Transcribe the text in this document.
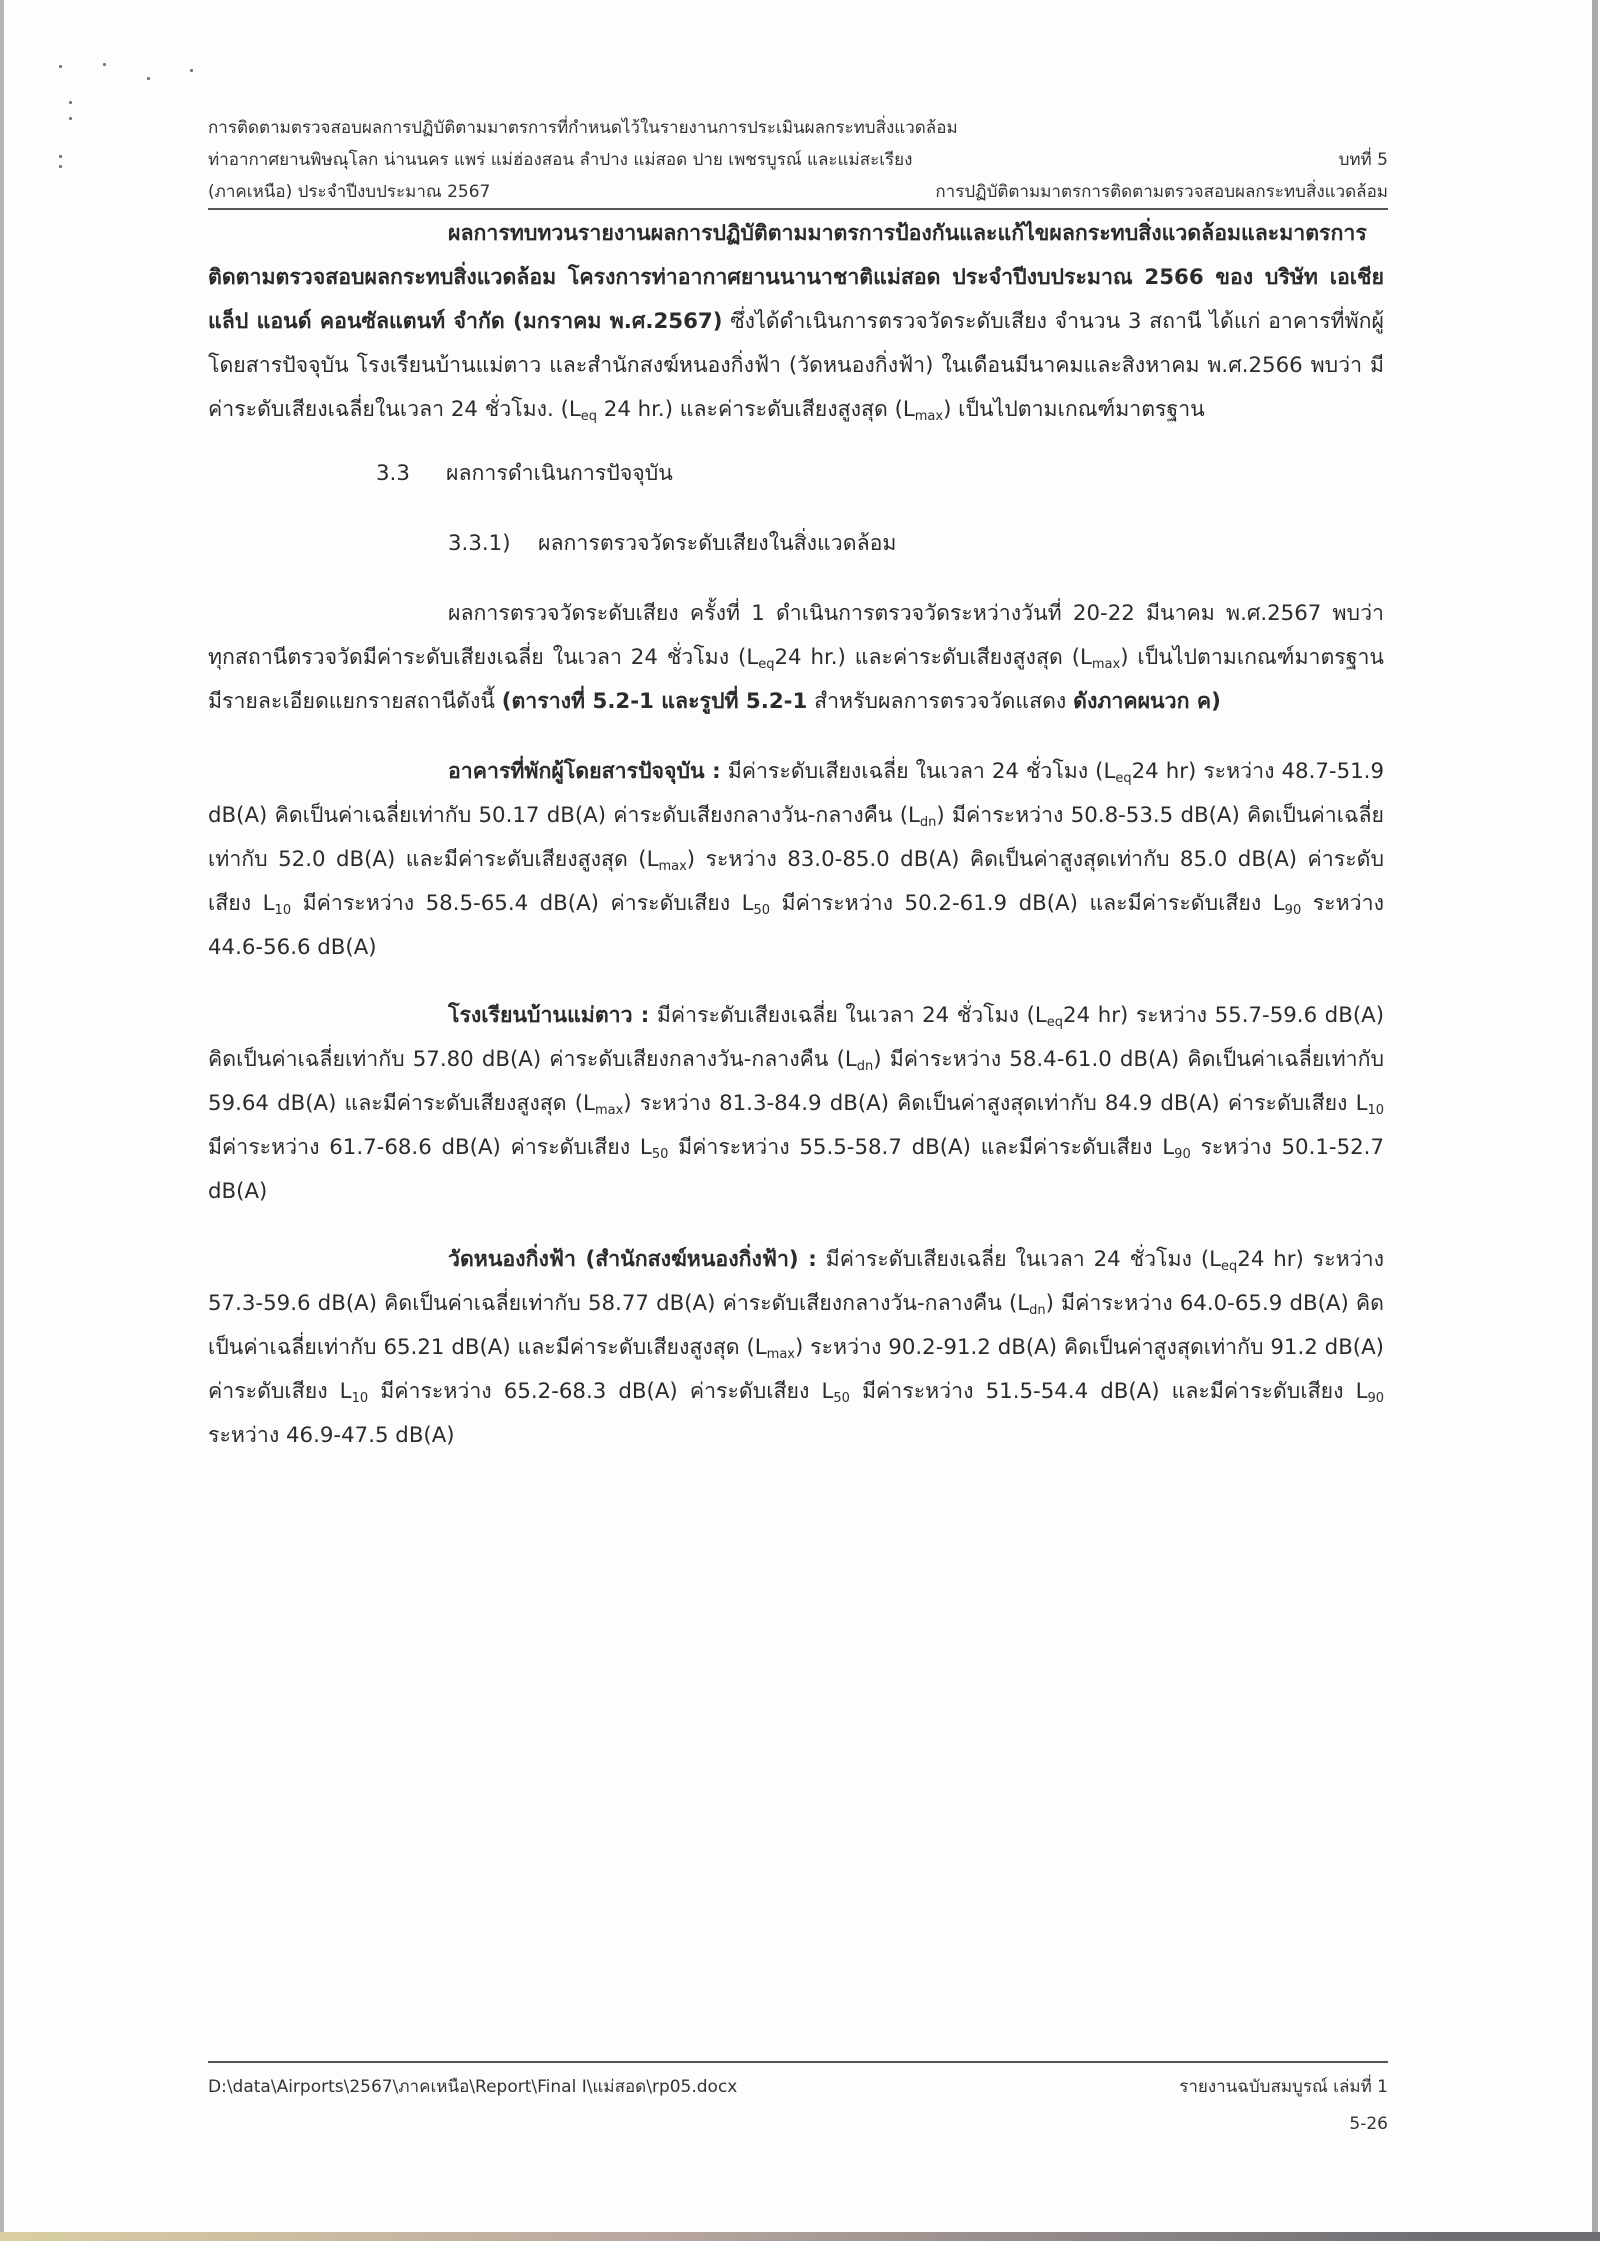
การติดตามตรวจสอบผลการปฏิบัติตามมาตรการที่กำหนดไว้ในรายงานการประเมินผลกระทบสิ่งแวดล้อม
ท่าอากาศยานพิษณุโลก น่านนคร แพร่ แม่ฮ่องสอน ลำปาง แม่สอด ปาย เพชรบูรณ์ และแม่สะเรียง	บทที่ 5
(ภาคเหนือ) ประจำปีงบประมาณ 2567	การปฏิบัติตามมาตรการติดตามตรวจสอบผลกระทบสิ่งแวดล้อม

ผลการทบทวนรายงานผลการปฏิบัติตามมาตรการป้องกันและแก้ไขผลกระทบสิ่งแวดล้อมและมาตรการติดตามตรวจสอบผลกระทบสิ่งแวดล้อม โครงการท่าอากาศยานนานาชาติแม่สอด ประจำปีงบประมาณ 2566 ของ บริษัท เอเชีย แล็ป แอนด์ คอนซัลแตนท์ จำกัด (มกราคม พ.ศ.2567) ซึ่งได้ดำเนินการตรวจวัดระดับเสียง จำนวน 3 สถานี ได้แก่ อาคารที่พักผู้โดยสารปัจจุบัน โรงเรียนบ้านแม่ตาว และสำนักสงฆ์หนองกิ่งฟ้า (วัดหนองกิ่งฟ้า) ในเดือนมีนาคมและสิงหาคม พ.ศ.2566 พบว่า มีค่าระดับเสียงเฉลี่ยในเวลา 24 ชั่วโมง. ($L_{eq}$ 24 hr.) และค่าระดับเสียงสูงสุด $(L_{max})$ เป็นไปตามเกณฑ์มาตรฐาน

3.3 ผลการดำเนินการปัจจุบัน
3.3.1) ผลการตรวจวัดระดับเสียงในสิ่งแวดล้อม

ผลการตรวจวัดระดับเสียง ครั้งที่ 1 ดำเนินการตรวจวัดระหว่างวันที่ 20-22 มีนาคม พ.ศ.2567 พบว่า ทุกสถานีตรวจวัดมีค่าระดับเสียงเฉลี่ย ในเวลา 24 ชั่วโมง ($L_{eq}24$ hr.) และค่าระดับเสียงสูงสุด $(L_{max})$ เป็นไปตามเกณฑ์มาตรฐาน มีรายละเอียดแยกรายสถานีดังนี้ (ตารางที่ 5.2-1 และรูปที่ 5.2-1 สำหรับผลการตรวจวัดแสดง ดังภาคผนวก ค)

อาคารที่พักผู้โดยสารปัจจุบัน : มีค่าระดับเสียงเฉลี่ย ในเวลา 24 ชั่วโมง ($L_{eq}24$ hr) ระหว่าง 48.7-51.9 dB(A) คิดเป็นค่าเฉลี่ยเท่ากับ 50.17 dB(A) ค่าระดับเสียงกลางวัน-กลางคืน $(L_{dn})$ มีค่าระหว่าง 50.8-53.5 dB(A) คิดเป็นค่าเฉลี่ยเท่ากับ 52.0 dB(A) และมีค่าระดับเสียงสูงสุด $(L_{max})$ ระหว่าง 83.0-85.0 dB(A) คิดเป็นค่าสูงสุดเท่ากับ 85.0 dB(A) ค่าระดับเสียง $L_{10}$ มีค่าระหว่าง 58.5-65.4 dB(A) ค่าระดับเสียง $L_{50}$ มีค่าระหว่าง 50.2-61.9 dB(A) และมีค่าระดับเสียง $L_{90}$ ระหว่าง 44.6-56.6 dB(A)

โรงเรียนบ้านแม่ตาว : มีค่าระดับเสียงเฉลี่ย ในเวลา 24 ชั่วโมง ($L_{eq}24$ hr) ระหว่าง 55.7-59.6 dB(A) คิดเป็นค่าเฉลี่ยเท่ากับ 57.80 dB(A) ค่าระดับเสียงกลางวัน-กลางคืน $(L_{dn})$ มีค่าระหว่าง 58.4-61.0 dB(A) คิดเป็นค่าเฉลี่ยเท่ากับ 59.64 dB(A) และมีค่าระดับเสียงสูงสุด $(L_{max})$ ระหว่าง 81.3-84.9 dB(A) คิดเป็นค่าสูงสุดเท่ากับ 84.9 dB(A) ค่าระดับเสียง $L_{10}$ มีค่าระหว่าง 61.7-68.6 dB(A) ค่าระดับเสียง $L_{50}$ มีค่าระหว่าง 55.5-58.7 dB(A) และมีค่าระดับเสียง $L_{90}$ ระหว่าง 50.1-52.7 dB(A)

วัดหนองกิ่งฟ้า (สำนักสงฆ์หนองกิ่งฟ้า) : มีค่าระดับเสียงเฉลี่ย ในเวลา 24 ชั่วโมง ($L_{eq}24$ hr) ระหว่าง 57.3-59.6 dB(A) คิดเป็นค่าเฉลี่ยเท่ากับ 58.77 dB(A) ค่าระดับเสียงกลางวัน-กลางคืน $(L_{dn})$ มีค่าระหว่าง 64.0-65.9 dB(A) คิดเป็นค่าเฉลี่ยเท่ากับ 65.21 dB(A) และมีค่าระดับเสียงสูงสุด $(L_{max})$ ระหว่าง 90.2-91.2 dB(A) คิดเป็นค่าสูงสุดเท่ากับ 91.2 dB(A) ค่าระดับเสียง $L_{10}$ มีค่าระหว่าง 65.2-68.3 dB(A) ค่าระดับเสียง $L_{50}$ มีค่าระหว่าง 51.5-54.4 dB(A) และมีค่าระดับเสียง $L_{90}$ ระหว่าง 46.9-47.5 dB(A)

D:\data\Airports\2567\ภาคเหนือ\Report\Final I\แม่สอด\rp05.docx	รายงานฉบับสมบูรณ์ เล่มที่ 1
5-26
